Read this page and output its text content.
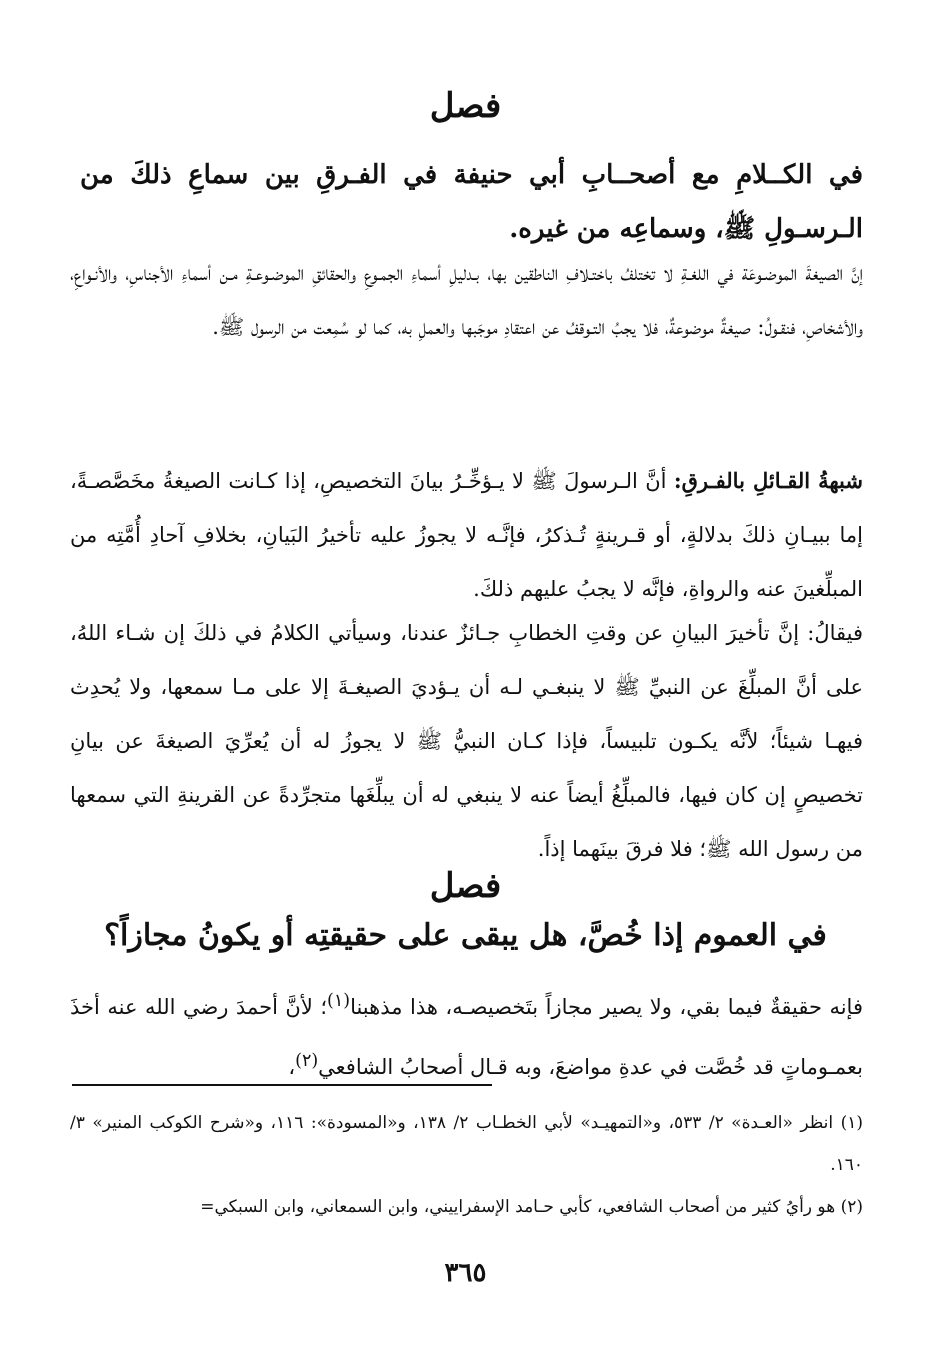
فصل
في الكــلامِ مع أصحــابِ أبي حنيفة في الفـرقِ بين سماعِ ذلكَ من الـرسـولِ ﷺ، وسماعِه من غيره.
إنَّ الصيغةَ الموضـوعَة في اللغـةِ لا تختلفُ باختـلافِ الناطقين بها، بـدليلِ أسماءِ الجمـوعِ والحقائقِ الموضـوعـةِ مـن أسماءِ الأجناسِ، والأنـواعِ، والأشخاصِ، فنقـولُ: صيغةٌ موضوعةٌ، فلا يجبُ التـوقفُ عن اعتقادِ موجَبها والعملِ به، كما لو سُمِعت من الرسول ﷺ.
شبهةُ القـائلِ بالفـرقِ: أنَّ الـرسولَ ﷺ لا يـؤخِّـرُ بيانَ التخصيصِ، إذا كـانت الصيغةُ مخَصَّصـةً، إما ببيـانِ ذلكَ بدلالةٍ، أو قـرينةٍ تُـذكرُ، فإنَّـه لا يجوزُ عليه تأخيرُ البَيانِ، بخلافِ آحادِ أُمَّتِه من المبلِّغينَ عنه والرواةِ، فإنَّه لا يجبُ عليهم ذلكَ.
فيقالُ: إنَّ تأخيرَ البيانِ عن وقتِ الخطابِ جـائزٌ عندنا، وسيأتي الكلامُ في ذلكَ إن شـاء اللهُ، على أنَّ المبلِّغَ عن النبيِّ ﷺ لا ينبغـي لـه أن يـؤديَ الصيغـةَ إلا على مـا سمعها، ولا يُحدِث فيهـا شيئاً؛ لأنَّه يكـون تلبيساً، فإذا كـان النبيُّ ﷺ لا يجوزُ له أن يُعرِّيَ الصيغةَ عن بيانِ تخصيصٍ إن كان فيها، فالمبلِّغُ أيضاً عنه لا ينبغي له أن يبلِّغَها متجرِّدةً عن القرينةِ التي سمعها من رسول الله ﷺ؛ فلا فرقَ بينَهما إذاً.
فصل
في العموم إذا خُصَّ، هل يبقى على حقيقتِه أو يكونُ مجازاً؟
فإنه حقيقةٌ فيما بقي، ولا يصير مجازاً بتَخصيصـه، هذا مذهبنا$^{(١)}$؛ لأنَّ أحمدَ رضي الله عنه أخذَ بعمـوماتٍ قد خُصَّت في عدةِ مواضعَ، وبه قـال أصحابُ الشافعي$^{(٢)}$،
(١) انظر «العـدة» ٢/ ٥٣٣، و«التمهيـد» لأبي الخطـاب ٢/ ١٣٨، و«المسودة»: ١١٦، و«شرح الكوكب المنير» ٣/ ١٦٠.
(٢) هو رأيُ كثير من أصحاب الشافعي، كأبي حـامد الإسفراييني، وابن السمعاني، وابن السبكي=
٣٦٥
